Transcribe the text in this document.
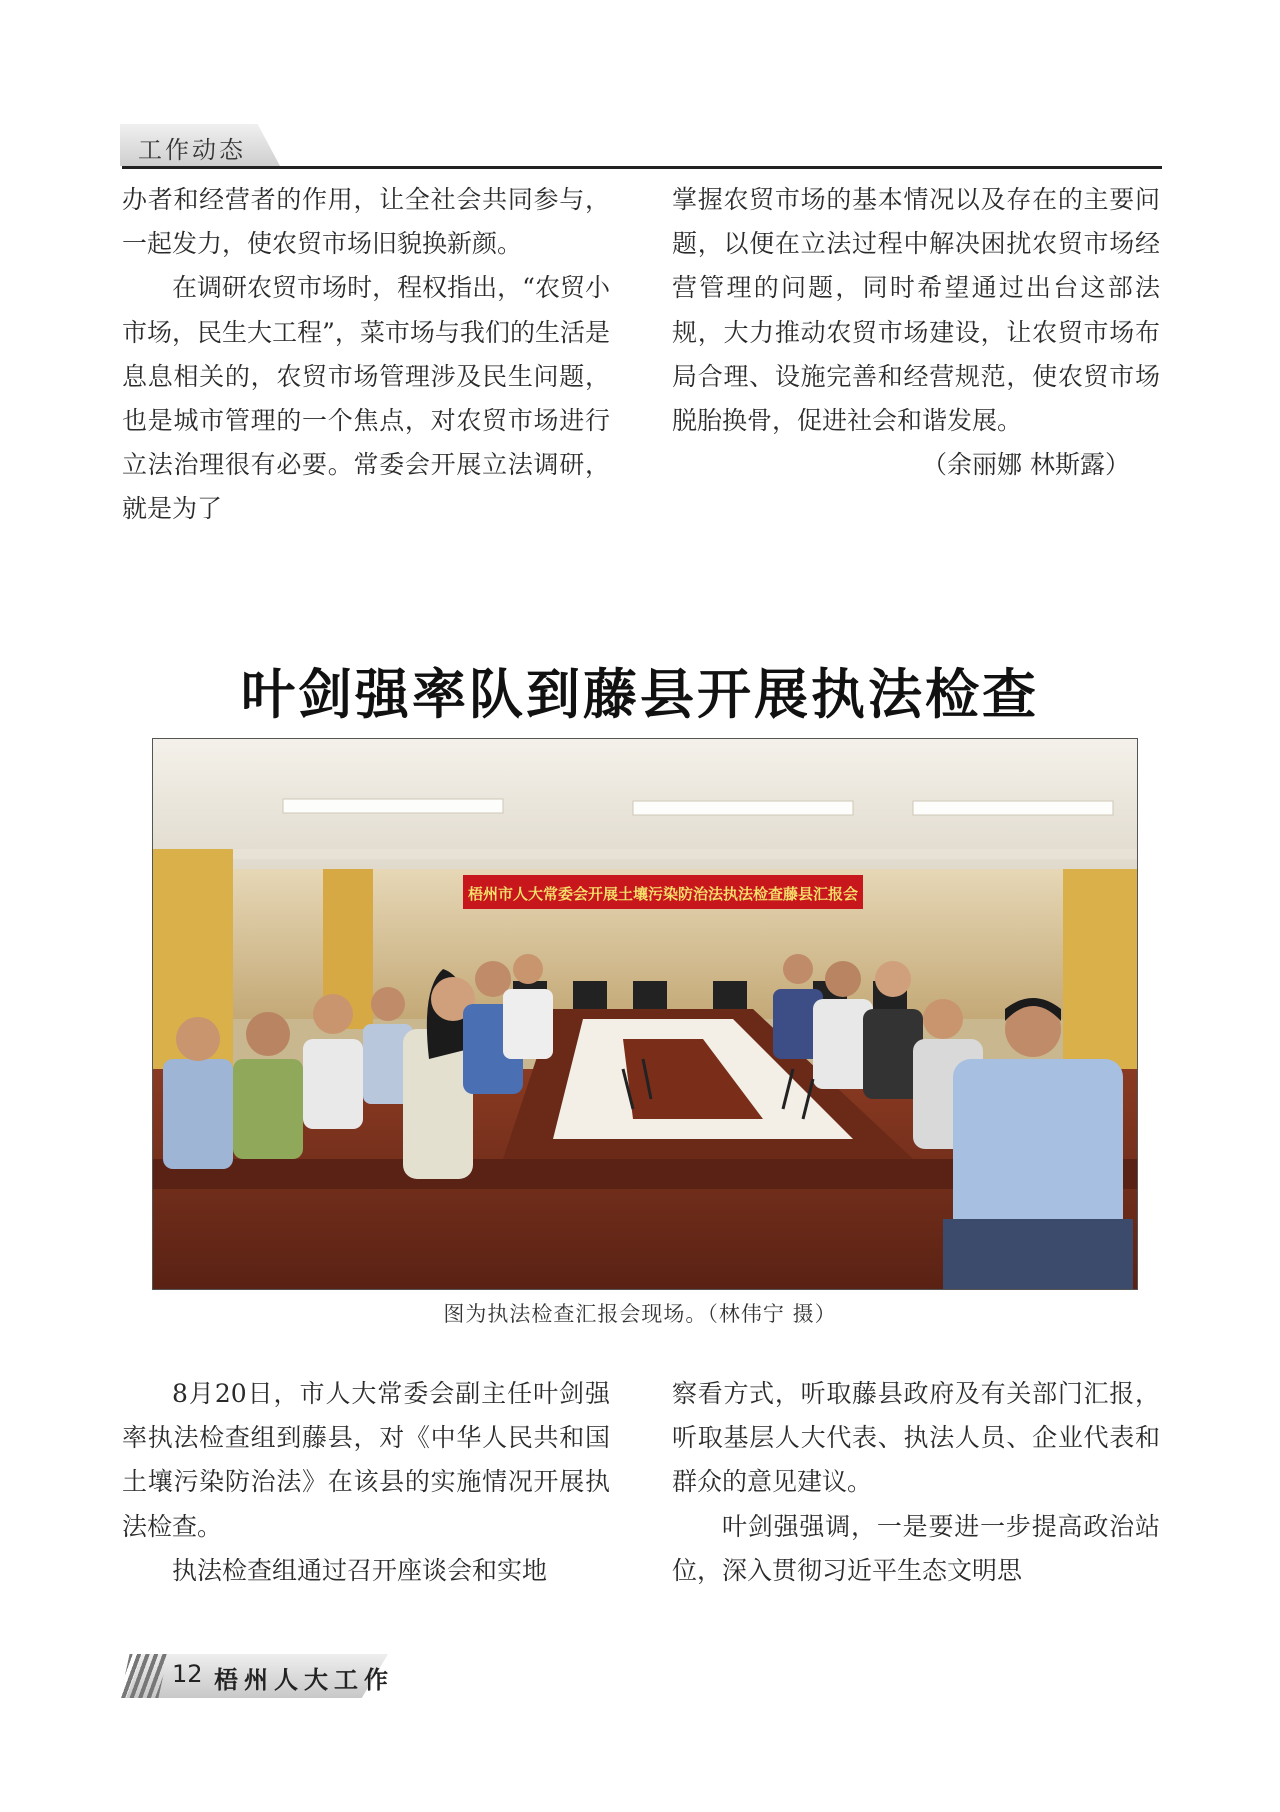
工作动态

办者和经营者的作用，让全社会共同参与，一起发力，使农贸市场旧貌换新颜。

在调研农贸市场时，程权指出，“农贸小市场，民生大工程”，菜市场与我们的生活是息息相关的，农贸市场管理涉及民生问题，也是城市管理的一个焦点，对农贸市场进行立法治理很有必要。常委会开展立法调研，就是为了

掌握农贸市场的基本情况以及存在的主要问题，以便在立法过程中解决困扰农贸市场经营管理的问题，同时希望通过出台这部法规，大力推动农贸市场建设，让农贸市场布局合理、设施完善和经营规范，使农贸市场脱胎换骨，促进社会和谐发展。

（余丽娜 林斯露）

叶剑强率队到藤县开展执法检查
梧州市人大常委会开展土壤污染防治法执法检查藤县汇报会
图为执法检查汇报会现场。（林伟宁 摄）

8月20日，市人大常委会副主任叶剑强率执法检查组到藤县，对《中华人民共和国土壤污染防治法》在该县的实施情况开展执法检查。

执法检查组通过召开座谈会和实地

察看方式，听取藤县政府及有关部门汇报，听取基层人大代表、执法人员、企业代表和群众的意见建议。

叶剑强强调，一是要进一步提高政治站位，深入贯彻习近平生态文明思

12 梧州人大工作
